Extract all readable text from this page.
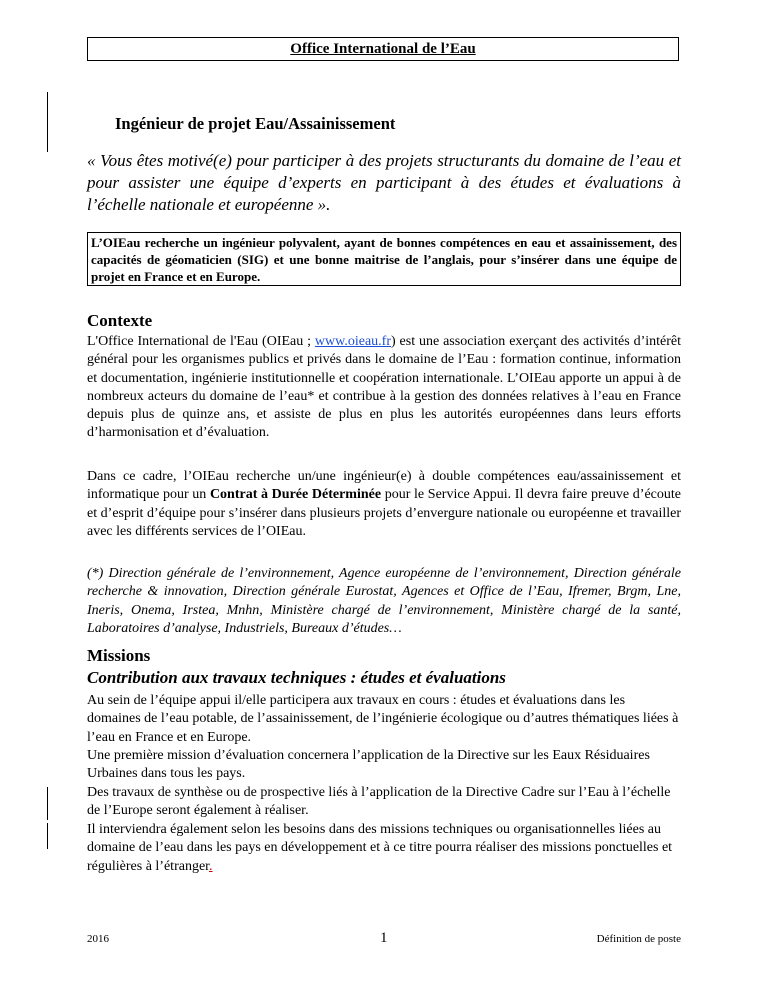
Office International de l’Eau
Ingénieur de projet Eau/Assainissement
« Vous êtes motivé(e) pour participer à des projets structurants du domaine de l’eau et pour assister une équipe d’experts en participant à des études et évaluations à l’échelle nationale et européenne ».
L’OIEau recherche un ingénieur polyvalent, ayant de bonnes compétences en eau et assainissement, des capacités de géomaticien (SIG) et une bonne maitrise de l’anglais, pour s’insérer dans une équipe de projet en France et en Europe.
Contexte

L'Office International de l'Eau (OIEau ; www.oieau.fr) est une association exerçant des activités d’intérêt général pour les organismes publics et privés dans le domaine de l’Eau : formation continue, information et documentation, ingénierie institutionnelle et coopération internationale. L’OIEau apporte un appui à de nombreux acteurs du domaine de l’eau* et contribue à la gestion des données relatives à l’eau en France depuis plus de quinze ans, et assiste de plus en plus les autorités européennes dans leurs efforts d’harmonisation et d’évaluation.

Dans ce cadre, l’OIEau recherche un/une ingénieur(e) à double compétences eau/assainissement et informatique pour un Contrat à Durée Déterminée pour le Service Appui. Il devra faire preuve d’écoute et d’esprit d’équipe pour s’insérer dans plusieurs projets d’envergure nationale ou européenne et travailler avec les différents services de l’OIEau.

(*) Direction générale de l’environnement, Agence européenne de l’environnement, Direction générale recherche & innovation, Direction générale Eurostat, Agences et Office de l’Eau, Ifremer, Brgm, Lne, Ineris, Onema, Irstea, Mnhn, Ministère chargé de l’environnement, Ministère chargé de la santé, Laboratoires d’analyse, Industriels, Bureaux d’études…

Missions
Contribution aux travaux techniques : études et évaluations

Au sein de l’équipe appui il/elle participera aux travaux en cours : études et évaluations dans les domaines de l’eau potable, de l’assainissement, de l’ingénierie écologique ou d’autres thématiques liées à l’eau en France et en Europe.

Une première mission d’évaluation concernera l’application de la Directive sur les Eaux Résiduaires Urbaines dans tous les pays.

Des travaux de synthèse ou de prospective liés à l’application de la Directive Cadre sur l’Eau à l’échelle de l’Europe seront également à réaliser.

Il interviendra également selon les besoins dans des missions techniques ou organisationnelles liées au domaine de l’eau dans les pays en développement et à ce titre pourra réaliser des missions ponctuelles et régulières à l’étranger.

2016	1	Définition de poste
